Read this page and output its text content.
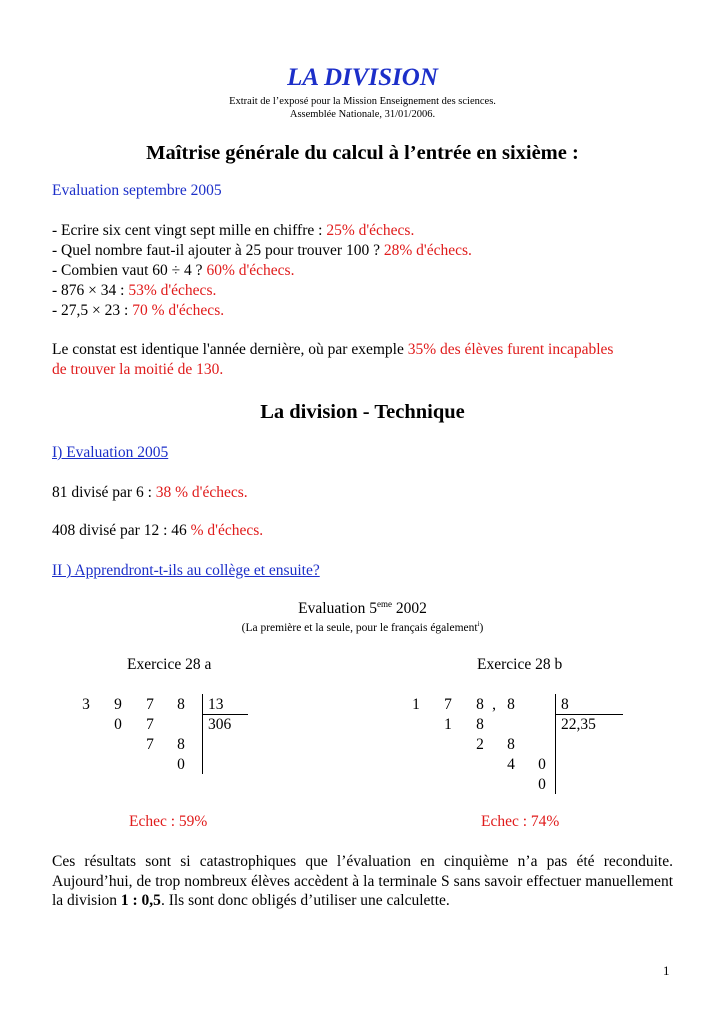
LA DIVISION
Extrait de l’exposé pour la Mission Enseignement des sciences.
Assemblée Nationale, 31/01/2006.
Maîtrise générale du calcul à l’entrée en sixième :
Evaluation septembre 2005
- Ecrire six cent vingt sept mille en chiffre : 25% d'échecs.
- Quel nombre faut-il ajouter à 25 pour trouver 100 ? 28% d'échecs.
- Combien vaut 60 ÷ 4 ? 60% d'échecs.
- 876 × 34 : 53% d'échecs.
- 27,5 × 23 : 70 % d'échecs.
Le constat est identique l'année dernière, où par exemple 35% des élèves furent incapables
de trouver la moitié de 130.
La division - Technique
I) Evaluation 2005
81 divisé par 6 : 38 % d'échecs.
408 divisé par 12 : 46 % d'échecs.
II ) Apprendront-t-ils au collège et ensuite?
Evaluation 5eme 2002
(La première et la seule, pour le français également$^i$)
Exercice 28 a
3 9 7 8
0 7
7 8
0
13
306
Echec : 59%
Exercice 28 b
1 7 8 , 8
1 8
2 8
4 0
0
8
22,35
Echec : 74%
Ces résultats sont si catastrophiques que l’évaluation en cinquième n’a pas été reconduite. Aujourd’hui, de trop nombreux élèves accèdent à la terminale S sans savoir effectuer manuellement la division 1 : 0,5. Ils sont donc obligés d’utiliser une calculette.
1
